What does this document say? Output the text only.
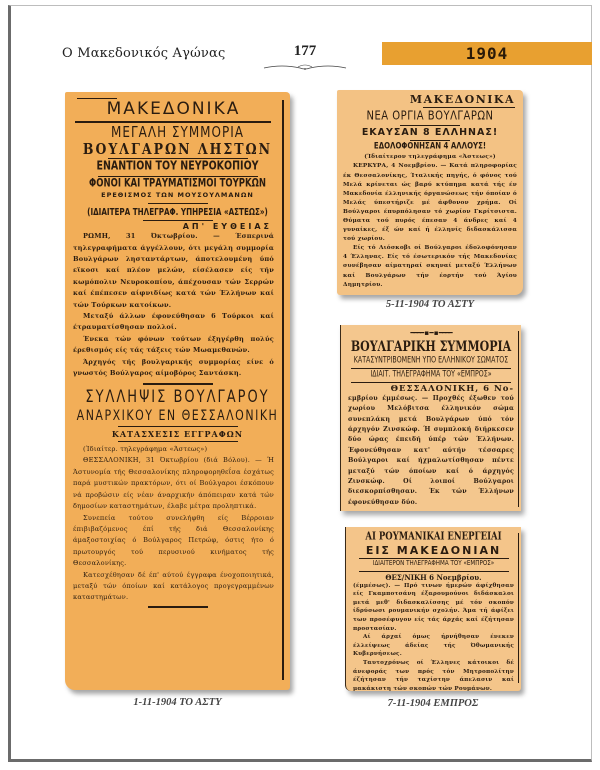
Ο Μακεδονικός Αγώνας	177	1904
ΜΑΚΕΔΟΝΙΚΑ
ΜΕΓΑΛΗ ΣΥΜΜΟΡΙΑ
ΒΟΥΛΓΑΡΩΝ ΛΗΣΤΩΝ
ΕΝΑΝΤΙΟΝ ΤΟΥ ΝΕΥΡΟΚΟΠΙΟΥ
ΦΟΝΟΙ ΚΑΙ ΤΡΑΥΜΑΤΙΣΜΟΙ ΤΟΥΡΚΩΝ
ΕΡΕΘΙΣΜΟΣ ΤΩΝ ΜΟΥΣΟΥΛΜΑΝΩΝ
(ΙΔΙΑΙΤΕΡΑ ΤΗΛΕΓΡΑΦ. ΥΠΗΡΕΣΙΑ «ΑΣΤΕΩΣ»)
ΑΠ' ΕΥΘΕΙΑΣ

ΡΩΜΗ, 31 Όκτωβρίου. — Έσπερινά τηλεγραφήματα άγγέλλουν, ότι μεγάλη συμμορία Βουλγάρων λησταντάρτων, άποτελουμένη ύπό εϊκοσι καί πλέον μελών, είσέλασεν είς τήν κωμόπολιν Νευροκοπίου, άπέχουσαν τών Σερρών καί έπέπεσεν αίφνιδίως κατά τών Έλλήνων καί τών Τούρκων κατοίκων.

Μεταξύ άλλων έφονεύθησαν 6 Τούρκοι καί έτραυματίσθησαν πολλοί.

Ένεκα τών φόνων τούτων έξηγέρθη πολύς έρεθισμός είς τάς τάξεις τών Μωαμεθανών.

Άρχηγός τής βουλγαρικής συμμορίας είνε ό γνωστός Βούλγαρος αίμοβόρος Σαντάσκη.

ΣΥΛΛΗΨΙΣ ΒΟΥΛΓΑΡΟΥ
ΑΝΑΡΧΙΚΟΥ ΕΝ ΘΕΣΣΑΛΟΝΙΚΗ
ΚΑΤΑΣΧΕΣΙΣ ΕΓΓΡΑΦΩΝ

(Ίδιαίτερ. τηλεγράφημα «Άστεως»)

ΘΕΣΣΑΛΟΝΙΚΗ, 31 Όκτωβρίου (διά Βόλου). — Ή Άστυνομία τής Θεσσαλονίκης πληροφορηθεΐσα έσχάτως παρά μυστικών πρακτόρων, ότι οί Βούλγαροι έσκόπουν νά προβώσιν είς νέαν άναρχικήν άπόπειραν κατά τών δημοσίων καταστημάτων, έλαβε μέτρα προληπτικά.

Συνεπεία τούτου συνελήφθη είς Βέρροιαν έπιβιβαζόμενος έπί τής διά Θεσσαλονίκης άμαξοστοιχίας ό Βούλγαρος Πετρώφ, όστις ήτο ό πρωτουργός τού περυσινού κινήματος τής Θεσσαλονίκης.

Κατεσχέθησαν δέ έπ' αύτού έγγραφα ένοχοποιητικά, μεταξύ τών όποίων καί κατάλογος προγεγραμμένων καταστημάτων.

1-11-1904 ΤΟ ΑΣΤΥ
ΜΑΚΕΔΟΝΙΚΑ
ΝΕΑ ΟΡΓΙΑ ΒΟΥΛΓΑΡΩΝ
ΕΚΑΥΣΑΝ 8 ΕΛΛΗΝΑΣ!
ΕΔΟΛΟΦΟΝΗΣΑΝ 4 ΑΛΛΟΥΣ!

(Ίδιαίτερον τηλεγράφημα «Άστεως»)

ΚΕΡΚΥΡΑ, 4 Νοεμβρίου. — Κατά πληροφορίας έκ Θεσσαλονίκης, Ίταλικής πηγής, ό φόνος τού Μελά κρίνεται ώς βαρύ κτύπημα κατά τής έν Μακεδονία έλληνικής όργανώσεως τήν όποίαν ό Μελάς ύπεστήριζε μέ άφθονον χρήμα. Οί Βούλγαροι έπυρπόλησαν τό χωρίον Γκρίτσιστα. Θύματα τού πυρός έπεσαν 4 άνδρες καί 4 γυναίκες, έξ ών καί ή έλληνίς διδασκάλισσα τού χωρίου.

Είς τό Λιόσκοβι οί Βούλγαροι έδολοφόνησαν 4 Έλληνας. Είς τό έσωτερικόν τής Μακεδονίας συνέβησαν αίματηραί σκηναί μεταξύ Έλλήνων καί Βουλγάρων τήν έορτήν τού Άγίου Δημητρίου.

5-11-1904 ΤΟ ΑΣΤΥ
━━━━ ▪ ━ ▪ ━━━━
ΒΟΥΛΓΑΡΙΚΗ ΣΥΜΜΟΡΙΑ
ΚΑΤΑΣΥΝΤΡΙΒΟΜΕΝΗ ΥΠΟ ΕΛΛΗΝΙΚΟΥ ΣΩΜΑΤΟΣ
ΙΔΙΑΙΤ. ΤΗΛΕΓΡΑΦΗΜΑ ΤΟΥ «ΕΜΠΡΟΣ»
ΘΕΣΣΑΛΟΝΙΚΗ, 6 Νο-

εμβρίου έμμέσως. — Προχθές έξωθεν τού χωρίου Μελόβιτσα έλληνικόν σώμα συνεπλάκη μετά Βουλγάρων ύπό τόν άρχηγόν Ζινσκώφ. Ή συμπλοκή διήρκεσεν δύο ώρας έπειδή ύπέρ τών Έλλήνων. Έφονεύθησαν κατ' αύτήν τέσσαρες Βούλγαροι καί ήχμαλωτίσθησαν πέντε μεταξύ τών όποίων καί ό άρχηγός Ζινσκώφ. Οί λοιποί Βούλγαροι διεσκορπίσθησαν. Έκ τών Έλλήνων έφονεύθησαν δύο.

ΑΙ ΡΟΥΜΑΝΙΚΑΙ ΕΝΕΡΓΕΙΑΙ
ΕΙΣ ΜΑΚΕΔΟΝΙΑΝ
ΙΔΙΑΙΤΕΡΟΝ ΤΗΛΕΓΡΑΦΗΜΑ ΤΟΥ «ΕΜΠΡΟΣ»
ΘΕΣ/ΝΙΚΗ 6 Νοεμβρίου.

(έμμέσως). — Πρό τινων ήμερών άφίχθησαν είς Γκαμποτσάνη έξαρουμούνοι διδάσκαλοι μετά μεθ' διδασκαλίσσης μέ τόν σκοπόν ίδρύσωσι ρουμανικήν σχολήν. Άμα τή άφίξει των προσέφυγον είς τάς άρχάς καί έζήτησαν προστασίαν.

Αί άρχαί όμως ήρνήθησαν ένεκεν έλλείψεως άδείας τής Όθωμανικής Κυβερνήσεως.

Ταυτοχρόνως οί Έλληνες κάτοικοι δέ άνεφοράς των πρός τόν Μητροπολίτην έζήτησαν τήν ταχίστην άπελασιν καί μακάκιστη τών σκοπών τών Ρουμάνων.

7-11-1904 ΕΜΠΡΟΣ
